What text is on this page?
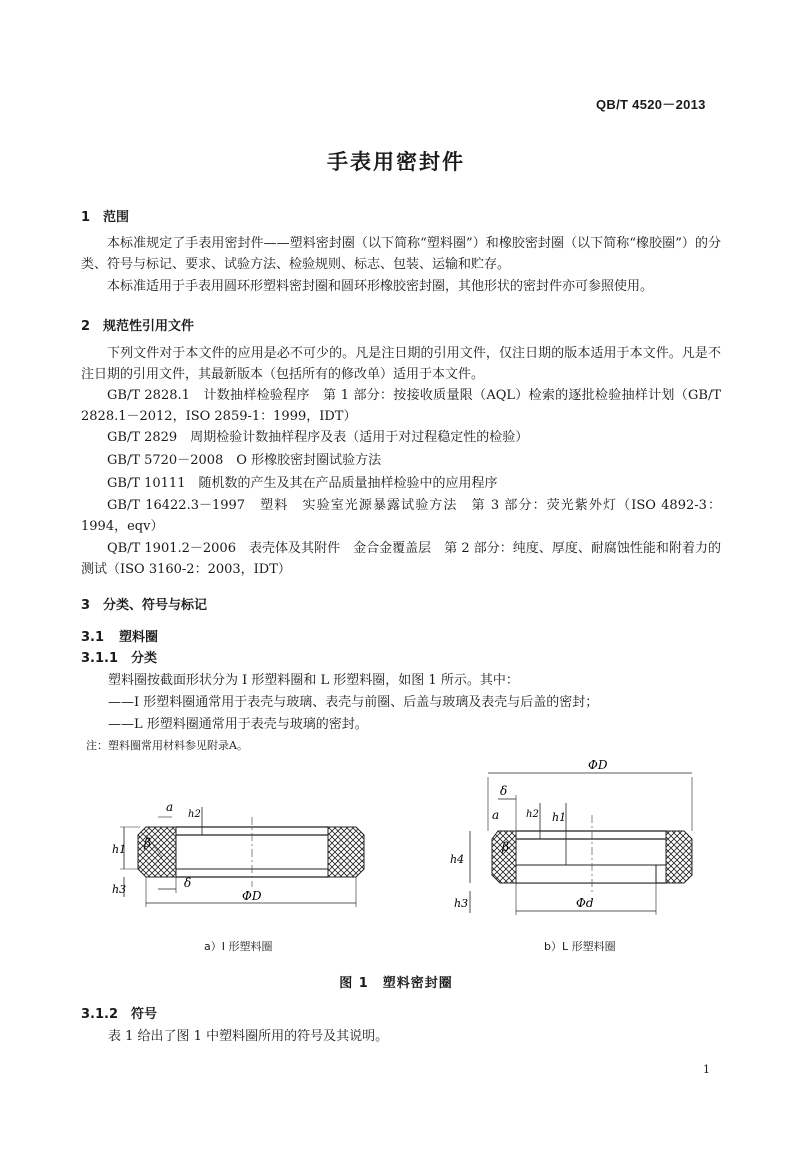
QB/T 4520－2013
手表用密封件
1 范围
本标准规定了手表用密封件——塑料密封圈（以下简称“塑料圈”）和橡胶密封圈（以下简称“橡胶圈”）的分类、符号与标记、要求、试验方法、检验规则、标志、包装、运输和贮存。
本标准适用于手表用圆环形塑料密封圈和圆环形橡胶密封圈，其他形状的密封件亦可参照使用。
2 规范性引用文件
下列文件对于本文件的应用是必不可少的。凡是注日期的引用文件，仅注日期的版本适用于本文件。凡是不注日期的引用文件，其最新版本（包括所有的修改单）适用于本文件。
GB/T 2828.1　计数抽样检验程序　第 1 部分：按接收质量限（AQL）检索的逐批检验抽样计划（GB/T 2828.1－2012，ISO 2859-1：1999，IDT）
GB/T 2829　周期检验计数抽样程序及表（适用于对过程稳定性的检验）
GB/T 5720－2008　O 形橡胶密封圈试验方法
GB/T 10111　随机数的产生及其在产品质量抽样检验中的应用程序
GB/T 16422.3－1997　塑料　实验室光源暴露试验方法　第 3 部分：荧光紫外灯（ISO 4892-3：1994，eqv）
QB/T 1901.2－2006　表壳体及其附件　金合金覆盖层　第 2 部分：纯度、厚度、耐腐蚀性能和附着力的测试（ISO 3160-2：2003，IDT）
3 分类、符号与标记
3.1 塑料圈
3.1.1 分类
塑料圈按截面形状分为 I 形塑料圈和 L 形塑料圈，如图 1 所示。其中：
——I 形塑料圈通常用于表壳与玻璃、表壳与前圈、后盖与玻璃及表壳与后盖的密封；
——L 形塑料圈通常用于表壳与玻璃的密封。
注：塑料圈常用材料参见附录A。
a
β
h1
h2
h3	δ
ΦD
ΦD
δ
a	h2 h1
β
h4
h3	Φd
a）I 形塑料圈	b）L 形塑料圈
图 1　塑料密封圈
3.1.2 符号
表 1 给出了图 1 中塑料圈所用的符号及其说明。
1
